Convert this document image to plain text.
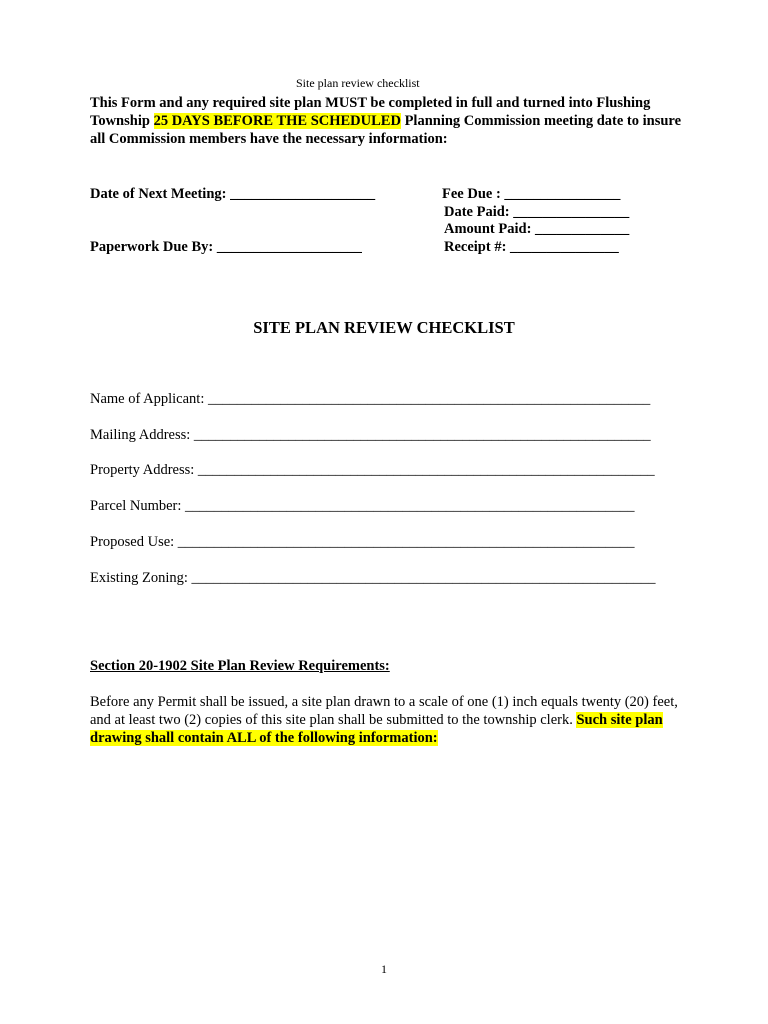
Site plan review checklist
This Form and any required site plan MUST be completed in full and turned into Flushing Township 25 DAYS BEFORE THE SCHEDULED Planning Commission meeting date to insure all Commission members have the necessary information:
Date of Next Meeting: ____________________
Paperwork Due By: ____________________
Fee Due : ________________
Date Paid: ________________
Amount Paid: _____________
Receipt #: _______________
SITE PLAN REVIEW CHECKLIST
Name of Applicant: _____________________________________________________________
Mailing Address: _______________________________________________________________
Property Address: _______________________________________________________________
Parcel Number: ______________________________________________________________
Proposed Use: _______________________________________________________________
Existing Zoning: ________________________________________________________________
Section 20-1902 Site Plan Review Requirements:
Before any Permit shall be issued, a site plan drawn to a scale of one (1) inch equals twenty (20) feet, and at least two (2) copies of this site plan shall be submitted to the township clerk. Such site plan drawing shall contain ALL of the following information:
1
